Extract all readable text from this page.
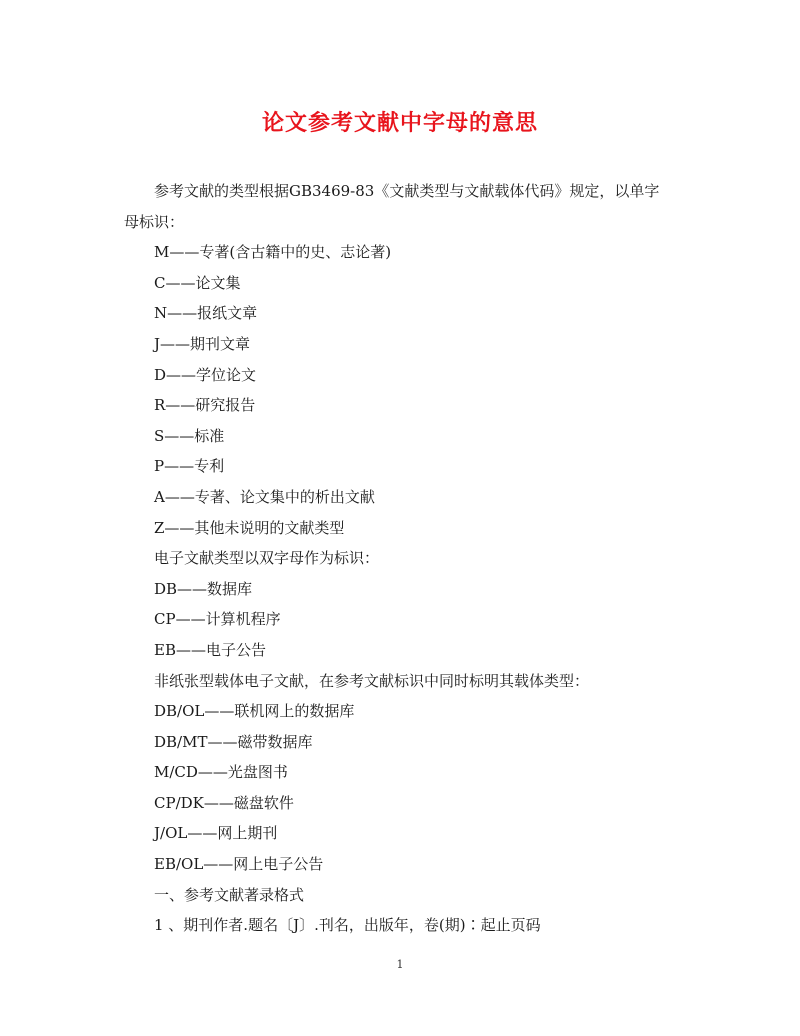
论文参考文献中字母的意思
参考文献的类型根据GB3469-83《文献类型与文献载体代码》规定，以单字
母标识：
M——专著(含古籍中的史、志论著)
C——论文集
N——报纸文章
J——期刊文章
D——学位论文
R——研究报告
S——标准
P——专利
A——专著、论文集中的析出文献
Z——其他未说明的文献类型
电子文献类型以双字母作为标识：
DB——数据库
CP——计算机程序
EB——电子公告
非纸张型载体电子文献，在参考文献标识中同时标明其载体类型：
DB/OL——联机网上的数据库
DB/MT——磁带数据库
M/CD——光盘图书
CP/DK——磁盘软件
J/OL——网上期刊
EB/OL——网上电子公告
一、参考文献著录格式
1 、期刊作者.题名〔J〕.刊名，出版年，卷(期)∶起止页码
1
